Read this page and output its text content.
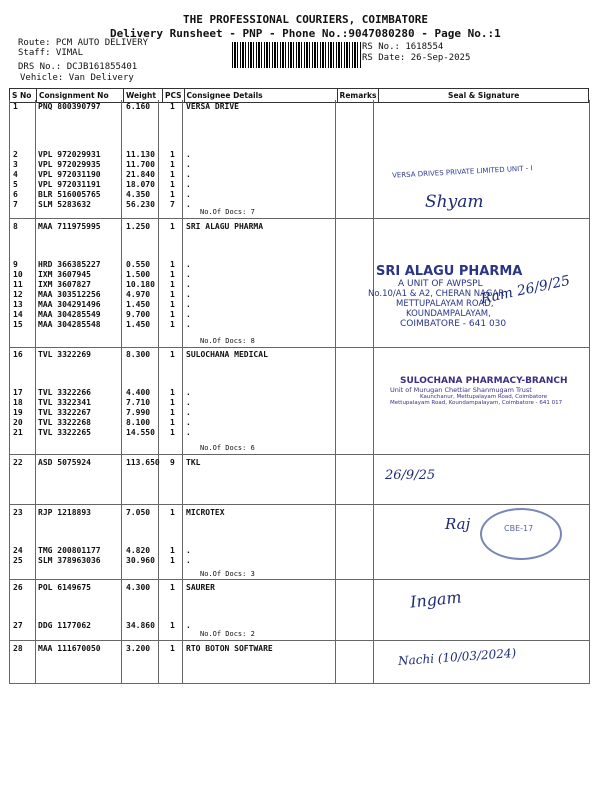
THE PROFESSIONAL COURIERS, COIMBATORE
Delivery Runsheet - PNP - Phone No.:9047080280 - Page No.:1
Route: PCM AUTO DELIVERY
Staff: VIMAL
DRS No.: DCJB161855401
Vehicle: Van Delivery
RS No.: 1618554
RS Date: 26-Sep-2025
S No	Consignment No	Weight	PCS	Consignee Details	Remarks	Seal & Signature
1	PNQ 800390797	6.160 1 VERSA DRIVE
2	VPL 972029931	11.130 1 .
3	VPL 972029935	11.700 1 .
4	VPL 972031190	21.840 1 .
5	VPL 972031191	18.070 1 .
6	BLR 516005765	4.350 1 .
7	SLM 5283632	56.230 7 .
8	MAA 711975995	1.250 1 SRI ALAGU PHARMA
9	HRD 366385227	0.550 1 .
10 IXM 3607945	1.500 1 .
11 IXM 3607827	10.180 1 .
12 MAA 303512256	4.970 1 .
13 MAA 304291496	1.450 1 .
14 MAA 304285549	9.700 1 .
15 MAA 304285548	1.450 1 .
16 TVL 3322269	8.300 1 SULOCHANA MEDICAL
17 TVL 3322266	4.400 1 .
18 TVL 3322341	7.710 1 .
19 TVL 3322267	7.990 1 .
20 TVL 3322268	8.100 1 .
21 TVL 3322265	14.550 1 .
22 ASD 5075924	113.650 9 TKL
23 RJP 1218893	7.050 1 MICROTEX
24 TMG 200801177	4.820 1 .
25 SLM 378963036	30.960 1 .
26 POL 6149675	4.300 1 SAURER
27 DDG 1177062	34.860 1 .
28 MAA 111670050	3.200 1 RTO BOTON SOFTWARE
No.Of Docs: 7
No.Of Docs: 8
No.Of Docs: 6
No.Of Docs: 3
No.Of Docs: 2
VERSA DRIVES PRIVATE LIMITED UNIT - I
Shyam
SRI ALAGU PHARMA
A UNIT OF AWPSPL
No.10/A1 & A2, CHERAN NAGAR
METTUPALAYAM ROAD,
KOUNDAMPALAYAM,
COIMBATORE - 641 030
Ram 26/9/25
SULOCHANA PHARMACY-BRANCH
Unit of Murugan Chettiar Shanmugam Trust
Kaunchanur, Mettupalayam Road, Coimbatore
Mettupalayam Road, Koundampalayam, Coimbatore - 641 017
26/9/25
CBE-17
Raj
Ingam
Nachi (10/03/2024)
